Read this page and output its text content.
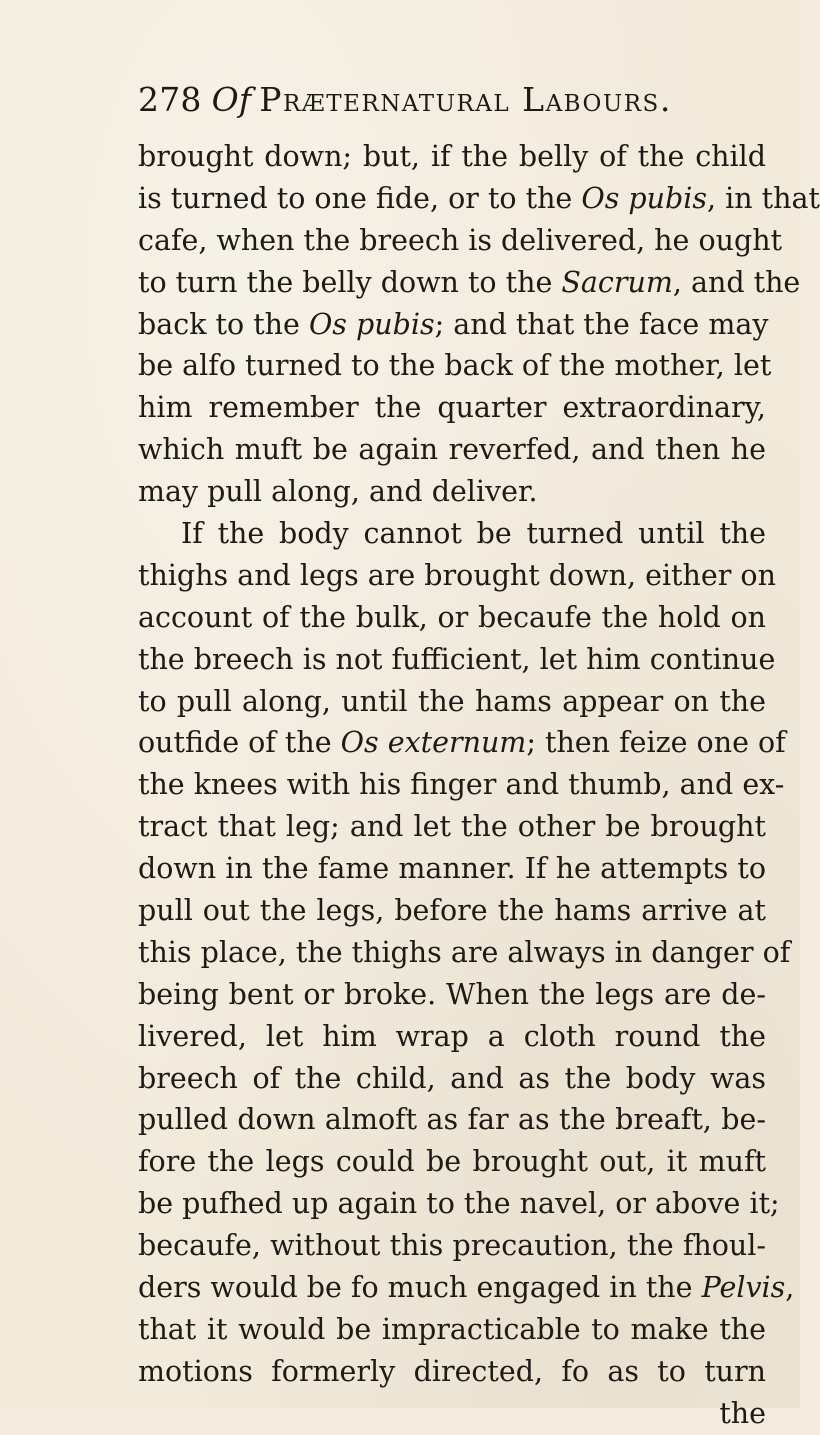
278 Of Præternatural Labours.
brought down; but, if the belly of the child
is turned to one fide, or to the Os pubis, in that
cafe, when the breech is delivered, he ought
to turn the belly down to the Sacrum, and the
back to the Os pubis; and that the face may
be alfo turned to the back of the mother, let
him remember the quarter extraordinary,
which muft be again reverfed, and then he
may pull along, and deliver.
If the body cannot be turned until the
thighs and legs are brought down, either on
account of the bulk, or becaufe the hold on
the breech is not fufficient, let him continue
to pull along, until the hams appear on the
outfide of the Os externum; then feize one of
the knees with his finger and thumb, and ex-
tract that leg; and let the other be brought
down in the fame manner. If he attempts to
pull out the legs, before the hams arrive at
this place, the thighs are always in danger of
being bent or broke. When the legs are de-
livered, let him wrap a cloth round the
breech of the child, and as the body was
pulled down almoft as far as the breaft, be-
fore the legs could be brought out, it muft
be pufhed up again to the navel, or above it;
becaufe, without this precaution, the fhoul-
ders would be fo much engaged in the Pelvis,
that it would be impracticable to make the
motions formerly directed, fo as to turn
the
